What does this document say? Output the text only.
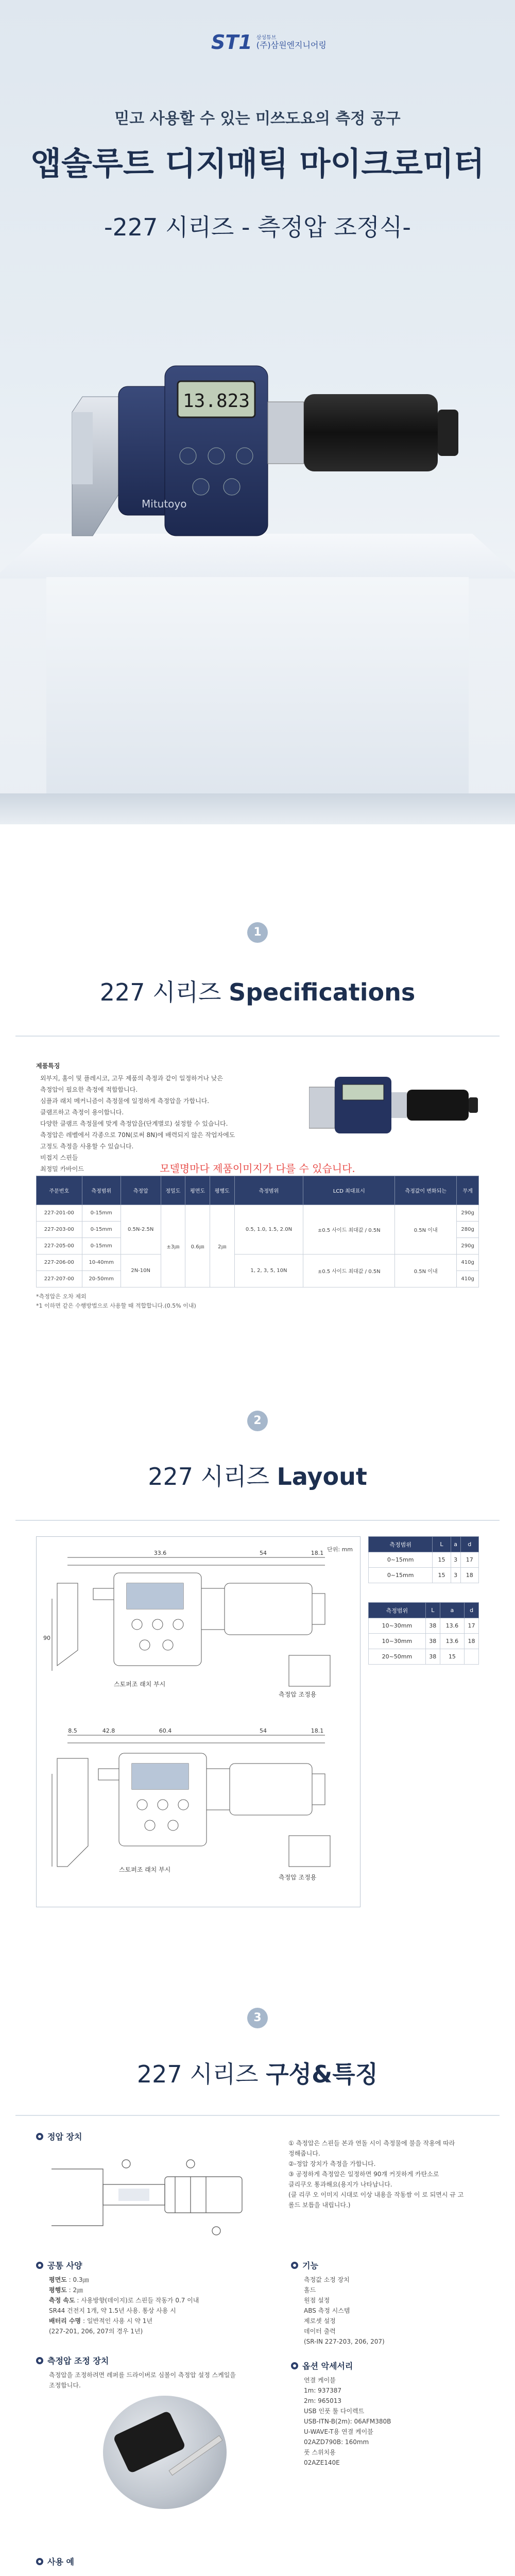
ST1 삼성튜브
(주)삼원엔지니어링
믿고 사용할 수 있는 미쓰도요의 측정 공구
앱솔루트 디지매틱 마이크로미터
-227 시리즈 - 측정압 조정식-
13.823
Mitutoyo
1
227 시리즈 Specifications
제품특징
외부지, 홈이 및 플레시코, 고무 제품의 측정과 같이 일정하거나 낮은
측정압이 필요한 측정에 적합합니다.
심플과 래치 메커니즘이 측정물에 일정하게 측정압을 가합니다.
클램프하고 측정이 용이합니다.
다양한 클램프 측정물에 맞게 측정압을(단계별로) 설정할 수 있습니다.
측정압은 레벨에서 각종으로 70N(로써 8N)에 배력되지 않은 작업자에도
고정도 측정을 사용할 수 있습니다.
비접지 스핀들
최정밀 카바이드	모델명마다 제품이미지가 다를 수 있습니다.
주문번호	측정범위	측정압	정밀도	평면도	평행도	측정범위	LCD 최대표시	측정값이 변화되는	무게
227-201-00	0-15mm	0.5N-2.5N	±3㎛	0.6㎛	2㎛	0.5, 1.0, 1.5, 2.0N	±0.5 사이드 최대값 / 0.5N	0.5N 이내	290g
227-203-00	0-15mm								280g
227-205-00	0-15mm								290g
227-206-00	10-40mm	2N-10N				1, 2, 3, 5, 10N	±0.5 사이드 최대값 / 0.5N	0.5N 이내	410g
227-207-00	20-50mm								410g
*측정압은 오차 제외
*1 이하면 같은 수행방법으로 사용할 때 적합합니다.(0.5% 이내)
2
227 시리즈 Layout
단위: mm
33.6	54	18.1
90
8.5	42.8	60.4	54	18.1
스토퍼조 래치 부시
측정압 조정용
스토퍼조 래치 부시
측정압 조정용
측정범위	L	a	d
0~15mm	15	3	17
0~15mm	15	3	18
측정범위	L	a	d
10~30mm	38	13.6	17
10~30mm	38	13.6	18
20~50mm	38	15	
3
227 시리즈 구성&특징
정압 장치
① 측정압은 스핀들 본과 연돌 시이 측정물에 불을 작용에 따라
정해줍니다.
②-정압 장치가 측정을 가합니다.
③ 공정하게 측정압은 일정하면 90걔 커짓하게 카탄소로
클리쿠오 통과해요(용지가 나타납니다.
(클 리쿠 오 이미지 시대로 이상 내용을 작동쌈 이 로 되면시 규 고
롤드 보틉을 내립니다.)
공통 사양
평면도 : 0.3㎛
평행도 : 2㎛
측정 속도 : 사용방향(데이지)로 스핀들 작동가 0.7 이내
SR44 건전지 1개, 약 1.5년 사용. 통상 사용 시
배터리 수명 : 일반적인 사용 시 약 1년
(227-201, 206, 207의 경우 1년)
측정압 조정 장치
측정압을 조정하려면 레퍼를 드라이버로 심볼이 측정압 설정 스케일을
조정합니다.
기능
측정값 소정 장치
홀드
원점 설정
ABS 측정 시스템
제로셋 설정
데이터 출력
(SR-IN 227-203, 206, 207)
옵션 악세서리
연결 케이블
1m: 937387
2m: 965013
USB 인풋 툴 다이렉트
USB-ITN-B(2m): 06AFM380B
U-WAVE-T용 연결 케이블
02AZD790B: 160mm
풋 스위치용
02AZE140E
사용 예
